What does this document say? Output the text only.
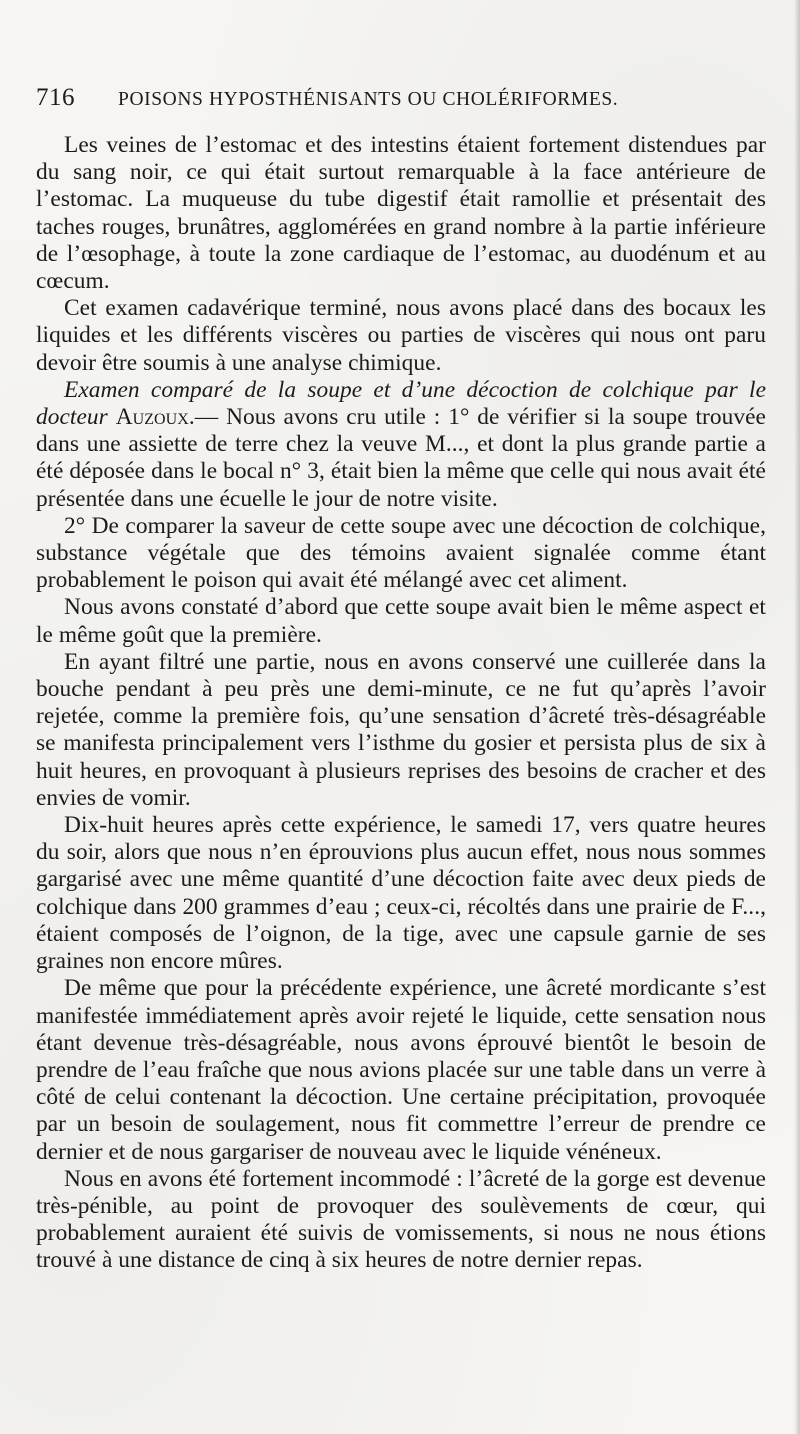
716	POISONS HYPOSTHÉNISANTS OU CHOLÉRIFORMES.

Les veines de l’estomac et des intestins étaient fortement distendues par du sang noir, ce qui était surtout remarquable à la face antérieure de l’estomac. La muqueuse du tube digestif était ramollie et présentait des taches rouges, brunâtres, agglomérées en grand nombre à la partie inférieure de l’œsophage, à toute la zone cardiaque de l’estomac, au duodénum et au cœcum.

Cet examen cadavérique terminé, nous avons placé dans des bocaux les liquides et les différents viscères ou parties de viscères qui nous ont paru devoir être soumis à une analyse chimique.

Examen comparé de la soupe et d’une décoction de colchique par le docteur Auzoux.— Nous avons cru utile : 1° de vérifier si la soupe trouvée dans une assiette de terre chez la veuve M..., et dont la plus grande partie a été déposée dans le bocal n° 3, était bien la même que celle qui nous avait été présentée dans une écuelle le jour de notre visite.

2° De comparer la saveur de cette soupe avec une décoction de colchique, substance végétale que des témoins avaient signalée comme étant probablement le poison qui avait été mélangé avec cet aliment.

Nous avons constaté d’abord que cette soupe avait bien le même aspect et le même goût que la première.

En ayant filtré une partie, nous en avons conservé une cuillerée dans la bouche pendant à peu près une demi-minute, ce ne fut qu’après l’avoir rejetée, comme la première fois, qu’une sensation d’âcreté très-désagréable se manifesta principalement vers l’isthme du gosier et persista plus de six à huit heures, en provoquant à plusieurs reprises des besoins de cracher et des envies de vomir.

Dix-huit heures après cette expérience, le samedi 17, vers quatre heures du soir, alors que nous n’en éprouvions plus aucun effet, nous nous sommes gargarisé avec une même quantité d’une décoction faite avec deux pieds de colchique dans 200 grammes d’eau ; ceux-ci, récoltés dans une prairie de F..., étaient composés de l’oignon, de la tige, avec une capsule garnie de ses graines non encore mûres.

De même que pour la précédente expérience, une âcreté mordicante s’est manifestée immédiatement après avoir rejeté le liquide, cette sensation nous étant devenue très-désagréable, nous avons éprouvé bientôt le besoin de prendre de l’eau fraîche que nous avions placée sur une table dans un verre à côté de celui contenant la décoction. Une certaine précipitation, provoquée par un besoin de soulagement, nous fit commettre l’erreur de prendre ce dernier et de nous gargariser de nouveau avec le liquide vénéneux.

Nous en avons été fortement incommodé : l’âcreté de la gorge est devenue très-pénible, au point de provoquer des soulèvements de cœur, qui probablement auraient été suivis de vomissements, si nous ne nous étions trouvé à une distance de cinq à six heures de notre dernier repas.
